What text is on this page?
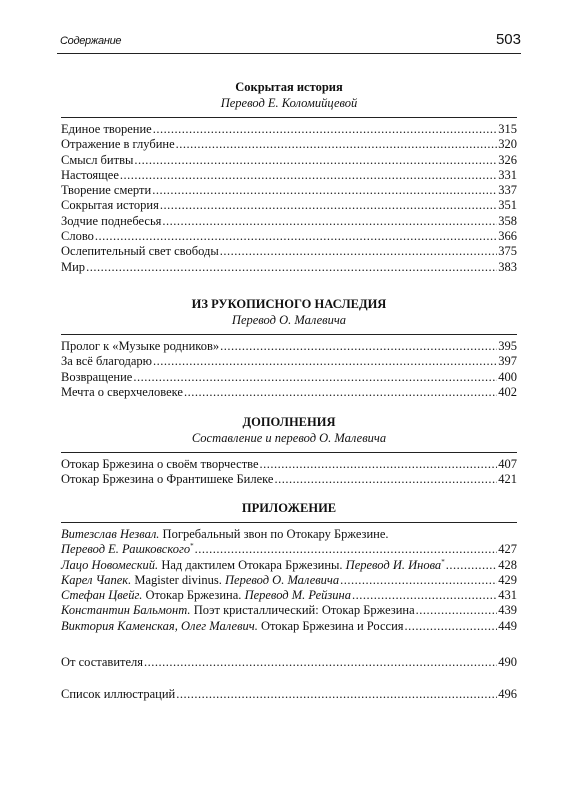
Содержание	503
Сокрытая история
Перевод Е. Коломийцевой
Единое творение .....	315
Отражение в глубине .....	320
Смысл битвы .....	326
Настоящее .....	331
Творение смерти .....	337
Сокрытая история .....	351
Зодчие поднебесья .....	358
Слово .....	366
Ослепительный свет свободы .....	375
Мир .....	383
ИЗ РУКОПИСНОГО НАСЛЕДИЯ
Перевод О. Малевича
Пролог к «Музыке родников» .....	395
За всё благодарю .....	397
Возвращение .....	400
Мечта о сверхчеловеке .....	402
ДОПОЛНЕНИЯ
Составление и перевод О. Малевича
Отокар Бржезина о своём творчестве .....	407
Отокар Бржезина о Франтишеке Билеке .....	421
ПРИЛОЖЕНИЕ
Витезслав Незвал. Погребальный звон по Отокару Бржезине.
Перевод Е. Рашковского* .....	427
Лацо Новомеский. Над дактилем Отокара Бржезины. Перевод И. Инова* .....	428
Карел Чапек. Magister divinus. Перевод О. Малевича .....	429
Стефан Цвейг. Отокар Бржезина. Перевод М. Рейзина .....	431
Константин Бальмонт. Поэт кристаллический: Отокар Бржезина .....	439
Виктория Каменская, Олег Малевич. Отокар Бржезина и Россия .....	449
От составителя .....	490
Список иллюстраций .....	496
